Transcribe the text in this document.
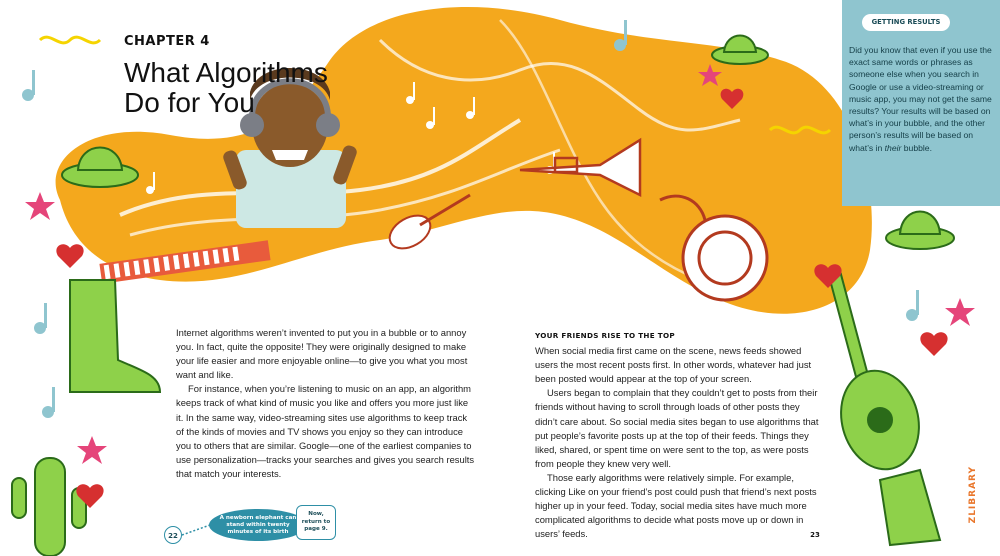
CHAPTER 4
What Algorithms Do for You

Internet algorithms weren’t invented to put you in a bubble or to annoy you. In fact, quite the opposite! They were originally designed to make your life easier and more enjoyable online—to give you what you most want and like.

For instance, when you’re listening to music on an app, an algorithm keeps track of what kind of music you like and offers you more just like it. In the same way, video-streaming sites use algorithms to keep track of the kinds of movies and TV shows you enjoy so they can introduce you to others that are similar. Google—one of the earliest companies to use personalization—tracks your searches and gives you search results that match your interests.

YOUR FRIENDS RISE TO THE TOP

When social media first came on the scene, news feeds showed users the most recent posts first. In other words, whatever had just been posted would appear at the top of your screen.

Users began to complain that they couldn’t get to posts from their friends without having to scroll through loads of other posts they didn’t care about. So social media sites began to use algorithms that put people’s favorite posts up at the top of their feeds. Things they liked, shared, or spent time on were sent to the top, as were posts from people they knew very well.

Those early algorithms were relatively simple. For example, clicking Like on your friend’s post could push that friend’s next posts higher up in your feed. Today, social media sites have much more complicated algorithms to decide what posts move up or down in users’ feeds.

GETTING RESULTS
Did you know that even if you use the exact same words or phrases as someone else when you search in Google or use a video-streaming or music app, you may not get the same results? Your results will be based on what’s in your bubble, and the other person’s results will be based on what’s in their bubble.
22	23
A newborn elephant can stand within twenty minutes of its birth
Now, return to page 9.
ZLIBRARY
